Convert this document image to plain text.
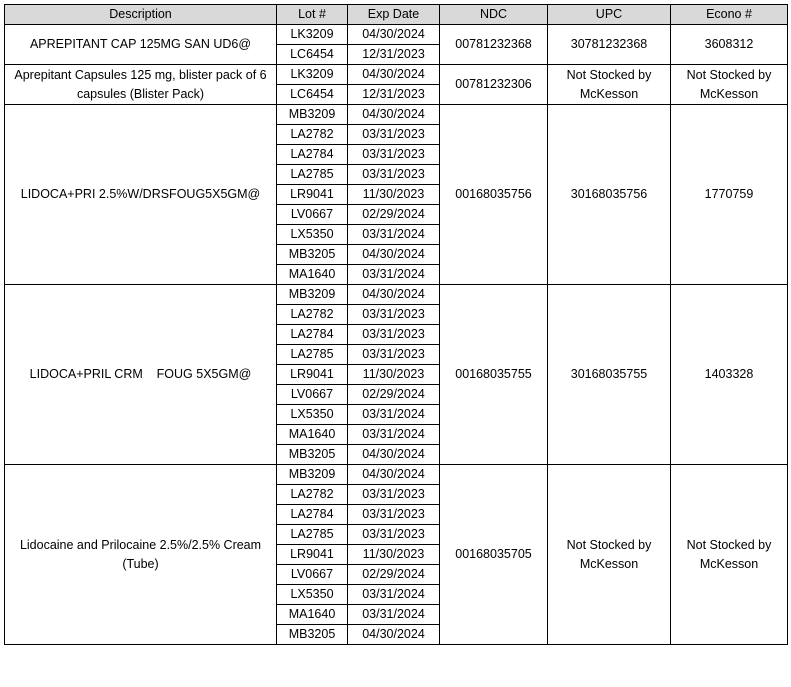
Description	Lot #	Exp Date	NDC	UPC	Econo #
APREPITANT CAP 125MG SAN UD6@	LK3209	04/30/2024	00781232368	30781232368	3608312
	LC6454	12/31/2023			
Aprepitant Capsules 125 mg, blister pack of 6 capsules (Blister Pack)	LK3209	04/30/2024	00781232306	Not Stocked by McKesson	Not Stocked by McKesson
	LC6454	12/31/2023			
LIDOCA+PRI 2.5%W/DRSFOUG5X5GM@	MB3209	04/30/2024	00168035756	30168035756	1770759
	LA2782	03/31/2023			
	LA2784	03/31/2023			
	LA2785	03/31/2023			
	LR9041	11/30/2023			
	LV0667	02/29/2024			
	LX5350	03/31/2024			
	MB3205	04/30/2024			
	MA1640	03/31/2024			
LIDOCA+PRIL CRM    FOUG 5X5GM@	MB3209	04/30/2024	00168035755	30168035755	1403328
	LA2782	03/31/2023			
	LA2784	03/31/2023			
	LA2785	03/31/2023			
	LR9041	11/30/2023			
	LV0667	02/29/2024			
	LX5350	03/31/2024			
	MA1640	03/31/2024			
	MB3205	04/30/2024			
Lidocaine and Prilocaine 2.5%/2.5% Cream (Tube)	MB3209	04/30/2024	00168035705	Not Stocked by McKesson	Not Stocked by McKesson
	LA2782	03/31/2023			
	LA2784	03/31/2023			
	LA2785	03/31/2023			
	LR9041	11/30/2023			
	LV0667	02/29/2024			
	LX5350	03/31/2024			
	MA1640	03/31/2024			
	MB3205	04/30/2024			
